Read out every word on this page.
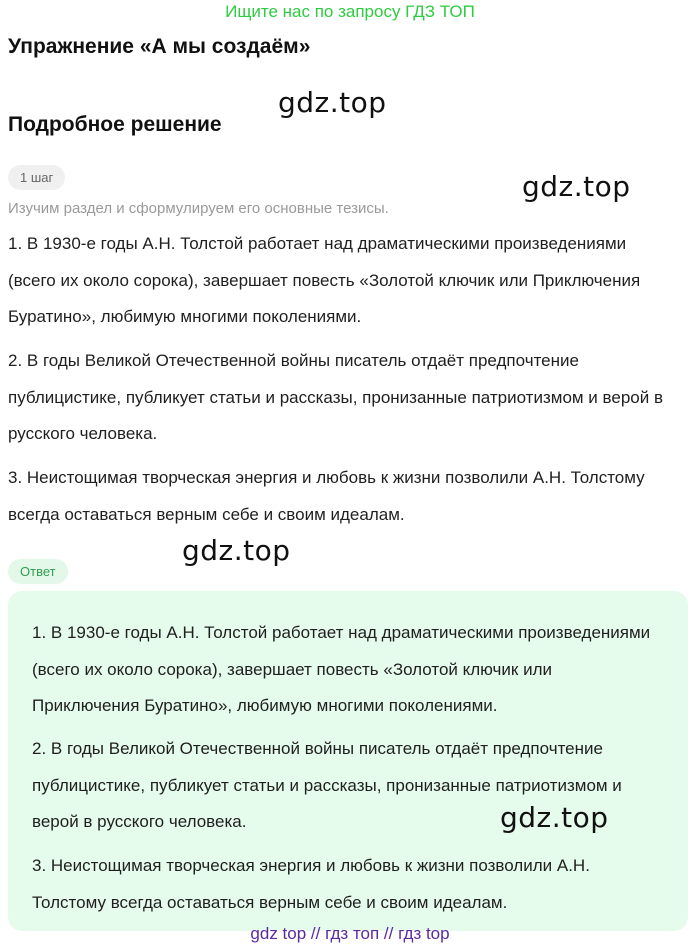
Ищите нас по запросу ГДЗ ТОП
Упражнение «А мы создаём»
Подробное решение
gdz.top
gdz.top
1 шаг
Изучим раздел и сформулируем его основные тезисы.

1. В 1930-е годы А.Н. Толстой работает над драматическими произведениями (всего их около сорока), завершает повесть «Золотой ключик или Приключения Буратино», любимую многими поколениями.

2. В годы Великой Отечественной войны писатель отдаёт предпочтение публицистике, публикует статьи и рассказы, пронизанные патриотизмом и верой в русского человека.

3. Неистощимая творческая энергия и любовь к жизни позволили А.Н. Толстому всегда оставаться верным себе и своим идеалам.

gdz.top
Ответ

1. В 1930-е годы А.Н. Толстой работает над драматическими произведениями (всего их около сорока), завершает повесть «Золотой ключик или Приключения Буратино», любимую многими поколениями.

2. В годы Великой Отечественной войны писатель отдаёт предпочтение публицистике, публикует статьи и рассказы, пронизанные патриотизмом и верой в русского человека.

3. Неистощимая творческая энергия и любовь к жизни позволили А.Н. Толстому всегда оставаться верным себе и своим идеалам.

gdz.top
gdz top // гдз топ // гдз top
